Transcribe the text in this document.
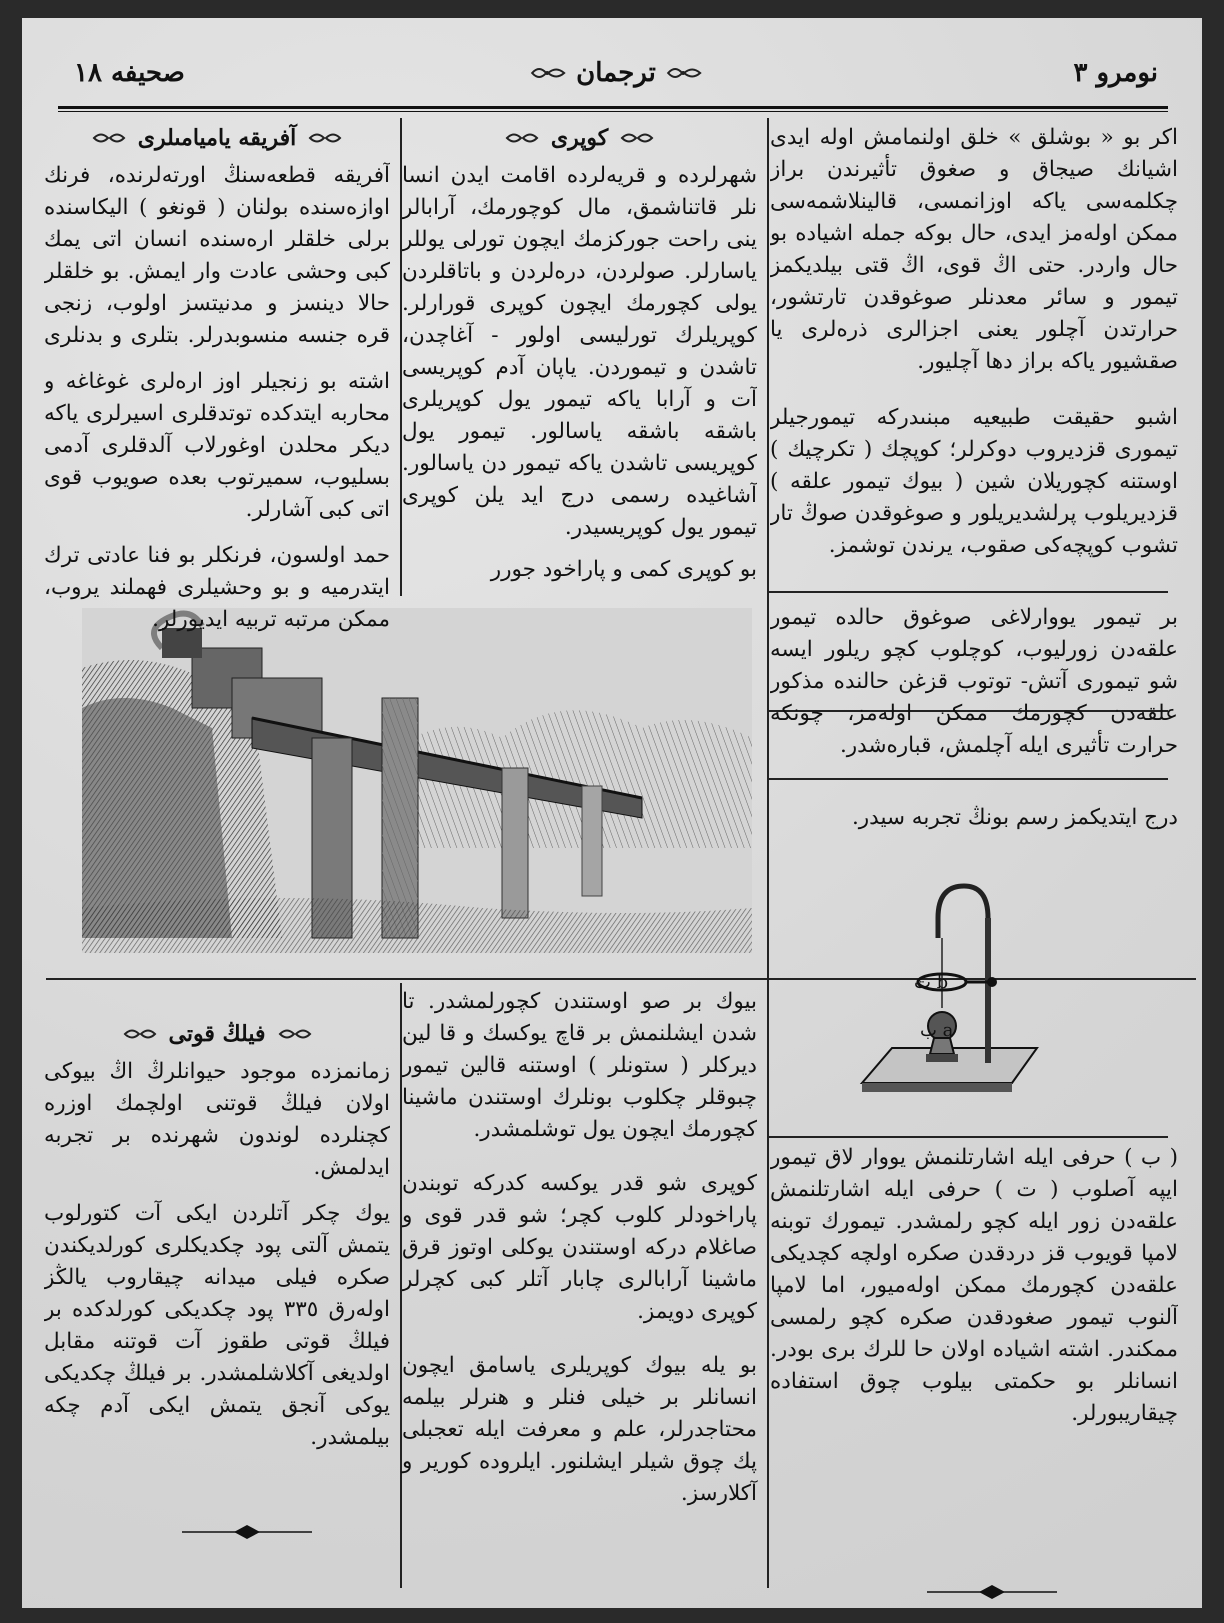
نومرو ٣
ترجمان
صحيفه ١٨

اكر بو « بوشلق » خلق اولنمامش اوله ايدى اشيانك صيجاق و صغوق تأثيرندن براز چكلمه‌سى ياكه اوزانمسى، قالينلاشمه‌سى ممكن اوله‌مز ايدى، حال بوكه جمله اشياده بو حال واردر. حتى اڭ قوى، اڭ قتى بيلديكمز تيمور و سائر معدنلر صوغوقدن تارتشور، حرارتدن آچلور يعنى اجزالرى ذره‌لرى يا صقشيور ياكه براز دها آچليور.

اشبو حقيقت طبيعيه مبنىدركه تيمورجيلر تيمورى قزديروب دوكرلر؛ كوپچك ( تكرچيك ) اوستنه كچوريلان شين ( بيوك تيمور علقه ) قزديريلوب پرلشديريلور و صوغوقدن صوڭ تار تشوب كوپچه‌كى صقوب، يرندن توشمز.

بر تيمور يووارلاغى صوغوق حالده تيمور علقه‌دن زورليوب، كوچلوب كچو ريلور ايسه شو تيمورى آتش- توتوب قزغن حالنده مذكور علقه‌دن كچورمك ممكن اوله‌مز، چونكه حرارت تأثيرى ايله آچلمش، قباره‌شدر.

درج ايتديكمز رسم بونڭ تجربه سيدر.

b ت
a ب

( ب ) حرفى ايله اشارتلنمش يووار لاق تيمور ايپه آصلوب ( ت ) حرفى ايله اشارتلنمش علقه‌دن زور ايله كچو رلمشدر. تيمورك توبنه لامپا قويوب قز دردقدن صكره اولچه كچديكى علقه‌دن كچورمك ممكن اوله‌ميور، اما لامپا آلنوب تيمور صغودقدن صكره كچو رلمسى ممكندر. اشته اشياده اولان حا للرك برى بودر. انسانلر بو حكمتى بيلوب چوق استفاده چيقاريبورلر.

كوپرى

شهرلرده و قريه‌لرده اقامت ايدن انسا نلر قاتناشمق، مال كوچورمك، آرابالر ينى راحت جوركزمك ايچون تورلى يوللر ياسارلر. صولردن، دره‌لردن و باتاقلردن يولى كچورمك ايچون كوپرى قورارلر. كوپريلرك تورليسى اولور - آغاچدن، تاشدن و تيموردن. ياپان آدم كوپريسى آت و آرابا ياكه تيمور يول كوپريلرى باشقه باشقه ياسالور. تيمور يول كوپريسى تاشدن ياكه تيمور دن ياسالور. آشاغيده رسمى درج ايد يلن كوپرى تيمور يول كوپريسيدر.

بو كوپرى كمى و پاراخود جورر

بيوك بر صو اوستندن كچورلمشدر. تا شدن ايشلنمش بر قاچ يوكسك و قا لين ديركلر ( ستونلر ) اوستنه قالين تيمور چبوقلر چكلوب بونلرك اوستندن ماشينا كچورمك ايچون يول توشلمشدر.

كوپرى شو قدر يوكسه كدركه توبندن پاراخودلر كلوب كچر؛ شو قدر قوى و صاغلام دركه اوستندن يوكلى اوتوز قرق ماشينا آرابالرى چابار آتلر كبى كچرلر كوپرى دويمز.

بو يله بيوك كوپريلرى ياسامق ايچون انسانلر بر خيلى فنلر و هنرلر بيلمه محتاجدرلر، علم و معرفت ايله تعجبلى پك چوق شيلر ايشلنور. ايلروده كورير و آكلارسز.

آفريقه ياميامىلرى

آفريقه قطعه‌سنڭ اورته‌لرنده، فرنك اوازه‌سنده بولنان ( قونغو ) اليكاسنده برلى خلقلر اره‌سنده انسان اتى يمك كبى وحشى عادت وار ايمش. بو خلقلر حالا دينسز و مدنيتسز اولوب، زنجى قره جنسه منسوبدرلر. بتلرى و بدنلرى

اشته بو زنجيلر اوز اره‌لرى غوغاغه و محاربه ايتدكده توتدقلرى اسيرلرى ياكه ديكر محلدن اوغورلاب آلدقلرى آدمى بسليوب، سميرتوب بعده صويوب قوى اتى كبى آشارلر.

حمد اولسون، فرنكلر بو فنا عادتى ترك ايتدرميه و بو وحشيلرى فهملند يروب، ممكن مرتبه تربيه ايديورلر.

فيلڭ قوتى

زمانمزده موجود حيوانلرڭ اڭ بيوكى اولان فيلڭ قوتنى اولچمك اوزره كچنلرده لوندون شهرنده بر تجربه ايدلمش.

يوك چكر آتلردن ايكى آت كتورلوب يتمش آلتى پود چكديكلرى كورلديكندن صكره فيلى ميدانه چيقاروب يالڭز اولەرق ٣٣٥ پود چكديكى كورلدكده بر فيلڭ قوتى طقوز آت قوتنه مقابل اولديغى آكلاشلمشدر. بر فيلڭ چكديكى يوكى آنجق يتمش ايكى آدم چكه بيلمشدر.
